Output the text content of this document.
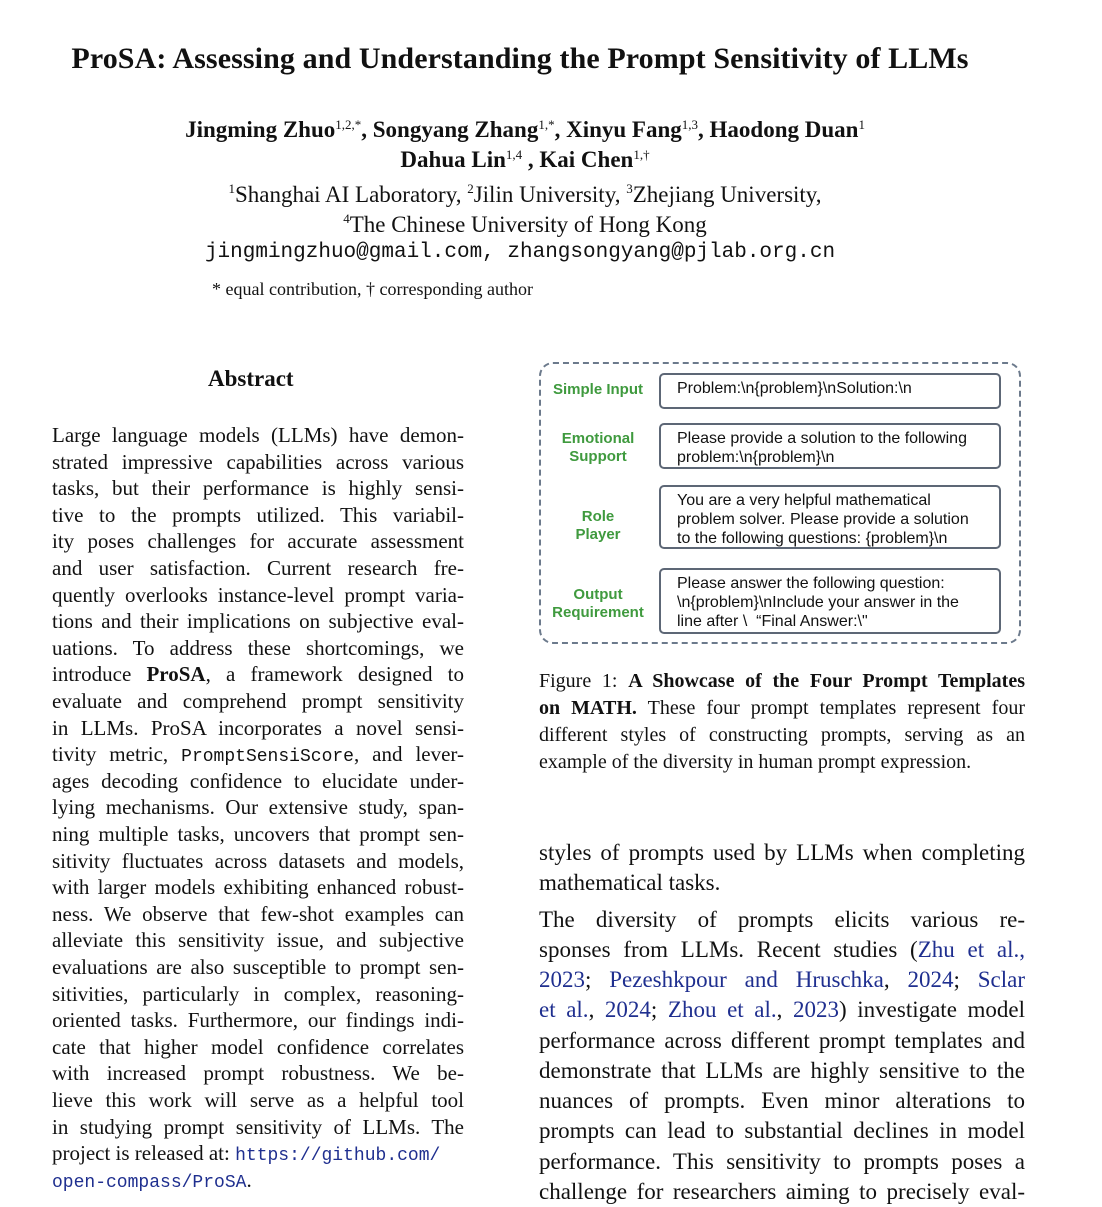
ProSA: Assessing and Understanding the Prompt Sensitivity of LLMs
Jingming Zhuo$^{1,2,*}$, Songyang Zhang$^{1,*}$, Xinyu Fang$^{1,3}$, Haodong Duan$^1$
Dahua Lin$^{1,4}$ , Kai Chen$^{1,\dagger}$
$^1$Shanghai AI Laboratory, $^2$Jilin University, $^3$Zhejiang University,
$^4$The Chinese University of Hong Kong
jingmingzhuo@gmail.com, zhangsongyang@pjlab.org.cn
* equal contribution, † corresponding author
Abstract
Large language models (LLMs) have demon-
strated impressive capabilities across various
tasks, but their performance is highly sensi-
tive to the prompts utilized. This variabil-
ity poses challenges for accurate assessment
and user satisfaction. Current research fre-
quently overlooks instance-level prompt varia-
tions and their implications on subjective eval-
uations. To address these shortcomings, we
introduce ProSA, a framework designed to
evaluate and comprehend prompt sensitivity
in LLMs. ProSA incorporates a novel sensi-
tivity metric, PromptSensiScore, and lever-
ages decoding confidence to elucidate under-
lying mechanisms. Our extensive study, span-
ning multiple tasks, uncovers that prompt sen-
sitivity fluctuates across datasets and models,
with larger models exhibiting enhanced robust-
ness. We observe that few-shot examples can
alleviate this sensitivity issue, and subjective
evaluations are also susceptible to prompt sen-
sitivities, particularly in complex, reasoning-
oriented tasks. Furthermore, our findings indi-
cate that higher model confidence correlates
with increased prompt robustness. We be-
lieve this work will serve as a helpful tool
in studying prompt sensitivity of LLMs. The
project is released at: https://github.com/
open-compass/ProSA.
Simple Input	Problem:\n{problem}\nSolution:\n
Emotional
Support
Please provide a solution to the following
problem:\n{problem}\n
Role
Player
You are a very helpful mathematical
problem solver. Please provide a solution
to the following questions: {problem}\n
Output
Requirement
Please answer the following question:
\n{problem}\nInclude your answer in the
line after \  “Final Answer:\"
Figure 1: A Showcase of the Four Prompt Templates
on MATH. These four prompt templates represent four
different styles of constructing prompts, serving as an
example of the diversity in human prompt expression.
styles of prompts used by LLMs when completing
mathematical tasks.
The diversity of prompts elicits various re-
sponses from LLMs. Recent studies (Zhu et al.,
2023; Pezeshkpour and Hruschka, 2024; Sclar
et al., 2024; Zhou et al., 2023) investigate model
performance across different prompt templates and
demonstrate that LLMs are highly sensitive to the
nuances of prompts. Even minor alterations to
prompts can lead to substantial declines in model
performance. This sensitivity to prompts poses a
challenge for researchers aiming to precisely eval-
